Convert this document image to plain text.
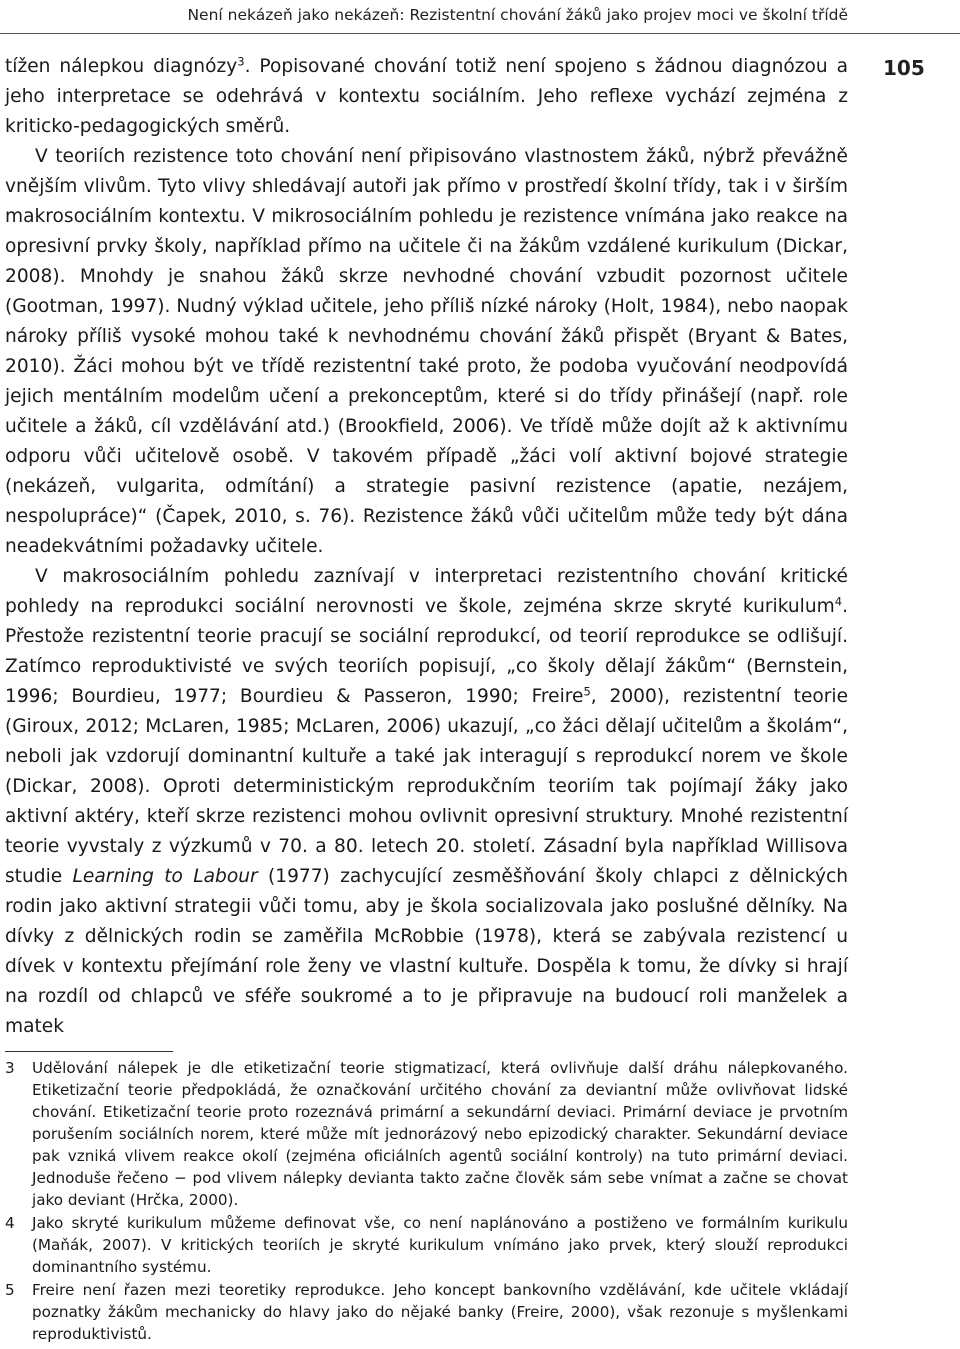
Není nekázeň jako nekázeň: Rezistentní chování žáků jako projev moci ve školní třídě
105

tížen nálepkou diagnózy$^3$. Popisované chování totiž není spojeno s žádnou diagnózou a jeho interpretace se odehrává v kontextu sociálním. Jeho reflexe vychází zejména z kriticko-pedagogických směrů.

V teoriích rezistence toto chování není připisováno vlastnostem žáků, nýbrž převážně vnějším vlivům. Tyto vlivy shledávají autoři jak přímo v prostředí školní třídy, tak i v širším makrosociálním kontextu. V mikrosociálním pohledu je rezistence vnímána jako reakce na opresivní prvky školy, například přímo na učitele či na žákům vzdálené kurikulum (Dickar, 2008). Mnohdy je snahou žáků skrze nevhodné chování vzbudit pozornost učitele (Gootman, 1997). Nudný výklad učitele, jeho příliš nízké nároky (Holt, 1984), nebo naopak nároky příliš vysoké mohou také k nevhodnému chování žáků přispět (Bryant & Bates, 2010). Žáci mohou být ve třídě rezistentní také proto, že podoba vyučování neodpovídá jejich mentálním modelům učení a prekonceptům, které si do třídy přinášejí (např. role učitele a žáků, cíl vzdělávání atd.) (Brookfield, 2006). Ve třídě může dojít až k aktivnímu odporu vůči učitelově osobě. V takovém případě „žáci volí aktivní bojové strategie (nekázeň, vulgarita, odmítání) a strategie pasivní rezistence (apatie, nezájem, nespolupráce)“ (Čapek, 2010, s. 76). Rezistence žáků vůči učitelům může tedy být dána neadekvátními požadavky učitele.

V makrosociálním pohledu zaznívají v interpretaci rezistentního chování kritické pohledy na reprodukci sociální nerovnosti ve škole, zejména skrze skryté kurikulum$^4$. Přestože rezistentní teorie pracují se sociální reprodukcí, od teorií reprodukce se odlišují. Zatímco reproduktivisté ve svých teoriích popisují, „co školy dělají žákům“ (Bernstein, 1996; Bourdieu, 1977; Bourdieu & Passeron, 1990; Freire$^5$, 2000), rezistentní teorie (Giroux, 2012; McLaren, 1985; McLaren, 2006) ukazují, „co žáci dělají učitelům a školám“, neboli jak vzdorují dominantní kultuře a také jak interagují s reprodukcí norem ve škole (Dickar, 2008). Oproti deterministickým reprodukčním teoriím tak pojímají žáky jako aktivní aktéry, kteří skrze rezistenci mohou ovlivnit opresivní struktury. Mnohé rezistentní teorie vyvstaly z výzkumů v 70. a 80. letech 20. století. Zásadní byla například Willisova studie Learning to Labour (1977) zachycující zesměšňování školy chlapci z dělnických rodin jako aktivní strategii vůči tomu, aby je škola socializovala jako poslušné dělníky. Na dívky z dělnických rodin se zaměřila McRobbie (1978), která se zabývala rezistencí u dívek v kontextu přejímání role ženy ve vlastní kultuře. Dospěla k tomu, že dívky si hrají na rozdíl od chlapců ve sféře soukromé a to je připravuje na budoucí roli manželek a matek

3 Udělování nálepek je dle etiketizační teorie stigmatizací, která ovlivňuje další dráhu nálepkovaného. Etiketizační teorie předpokládá, že označkování určitého chování za deviantní může ovlivňovat lidské chování. Etiketizační teorie proto rozeznává primární a sekundární deviaci. Primární deviace je prvotním porušením sociálních norem, které může mít jednorázový nebo epizodický charakter. Sekundární deviace pak vzniká vlivem reakce okolí (zejména oficiálních agentů sociální kontroly) na tuto primární deviaci. Jednoduše řečeno − pod vlivem nálepky devianta takto začne člověk sám sebe vnímat a začne se chovat jako deviant (Hrčka, 2000).
4 Jako skryté kurikulum můžeme definovat vše, co není naplánováno a postiženo ve formálním kurikulu (Maňák, 2007). V kritických teoriích je skryté kurikulum vnímáno jako prvek, který slouží reprodukci dominantního systému.
5 Freire není řazen mezi teoretiky reprodukce. Jeho koncept bankovního vzdělávání, kde učitele vkládají poznatky žákům mechanicky do hlavy jako do nějaké banky (Freire, 2000), však rezonuje s myšlenkami reproduktivistů.
